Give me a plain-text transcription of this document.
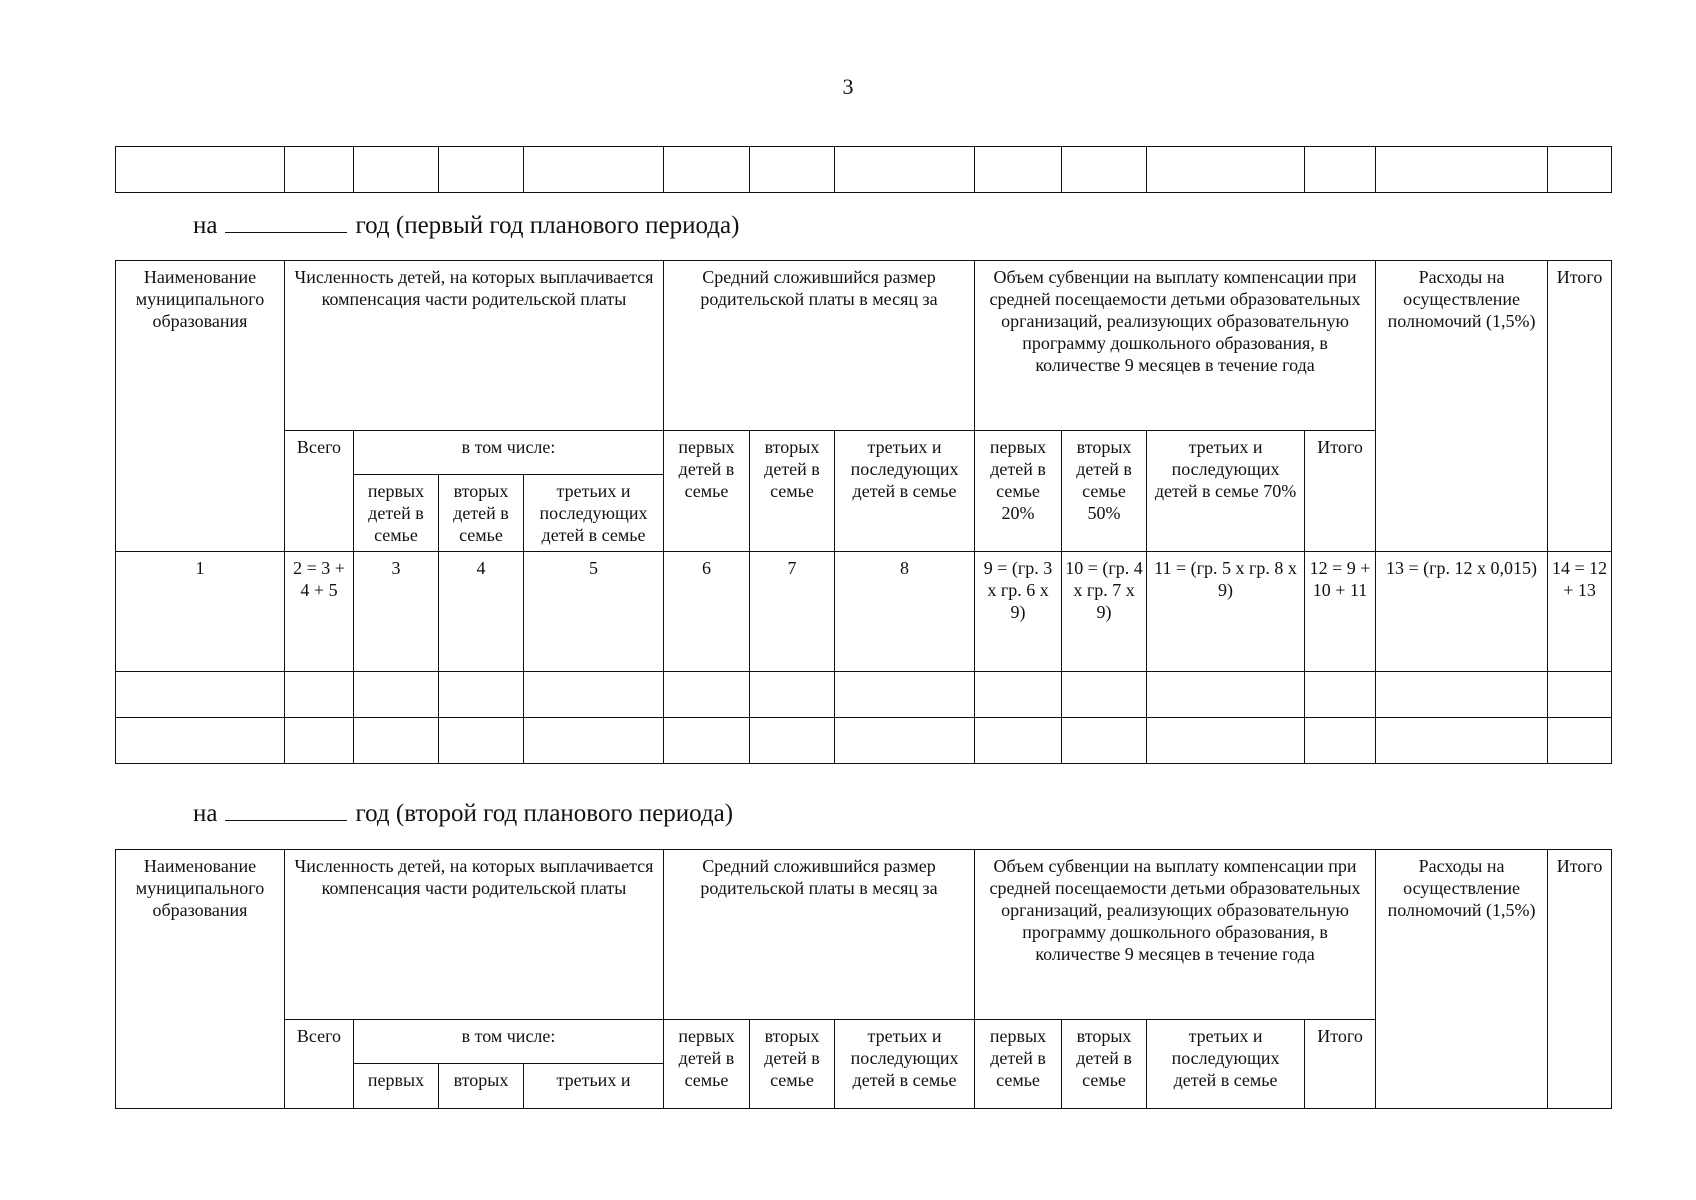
3

на	год (первый год планового периода)
Наименование муниципального образования	Численность детей, на которых выплачивается компенсация части родительской платы				Средний сложившийся размер родительской платы в месяц за			Объем субвенции на выплату компенсации при средней посещаемости детьми образовательных организаций, реализующих образовательную программу дошкольного образования, в количестве 9 месяцев в течение года				Расходы на осуществление полномочий (1,5%)	Итого
	Всего	в том числе:			первых детей в семье	вторых детей в семье	третьих и последующих детей в семье	первых детей в семье 20%	вторых детей в семье 50%	третьих и последующих детей в семье 70%	Итого		
		первых детей в семье	вторых детей в семье	третьих и последующих детей в семье									
1	2 = 3 + 4 + 5	3	4	5	6	7	8	9 = (гр. 3 x гр. 6 x 9)	10 = (гр. 4 x гр. 7 x 9)	11 = (гр. 5 x гр. 8 x 9)	12 = 9 + 10 + 11	13 = (гр. 12 x 0,015)	14 = 12 + 13

на	год (второй год планового периода)
Наименование муниципального образования	Численность детей, на которых выплачивается компенсация части родительской платы				Средний сложившийся размер родительской платы в месяц за			Объем субвенции на выплату компенсации при средней посещаемости детьми образовательных организаций, реализующих образовательную программу дошкольного образования, в количестве 9 месяцев в течение года				Расходы на осуществление полномочий (1,5%)	Итого
	Всего	в том числе:			первых детей в семье	вторых детей в семье	третьих и последующих детей в семье	первых детей в семье	вторых детей в семье	третьих и последующих детей в семье	Итого		
		первых	вторых	третьих и									
